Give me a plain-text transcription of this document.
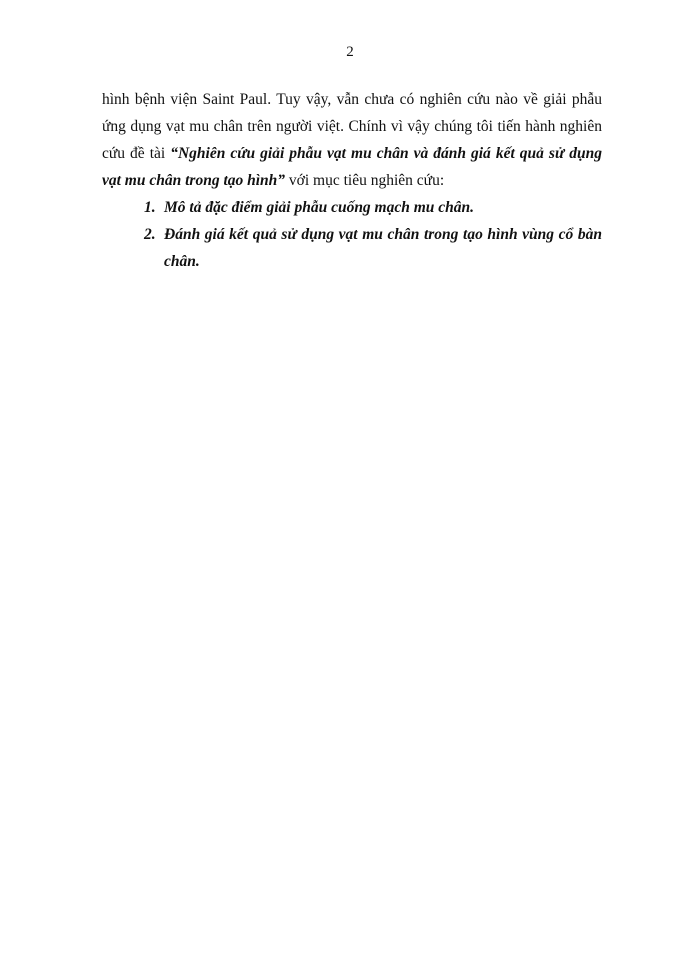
2

hình bệnh viện Saint Paul. Tuy vậy, vẫn chưa có nghiên cứu nào về giải phẫu ứng dụng vạt mu chân trên người việt. Chính vì vậy chúng tôi tiến hành nghiên cứu đề tài “Nghiên cứu giải phẫu vạt mu chân và đánh giá kết quả sử dụng vạt mu chân trong tạo hình” với mục tiêu nghiên cứu:

1. Mô tả đặc điểm giải phẫu cuống mạch mu chân.
2. Đánh giá kết quả sử dụng vạt mu chân trong tạo hình vùng cổ bàn chân.
